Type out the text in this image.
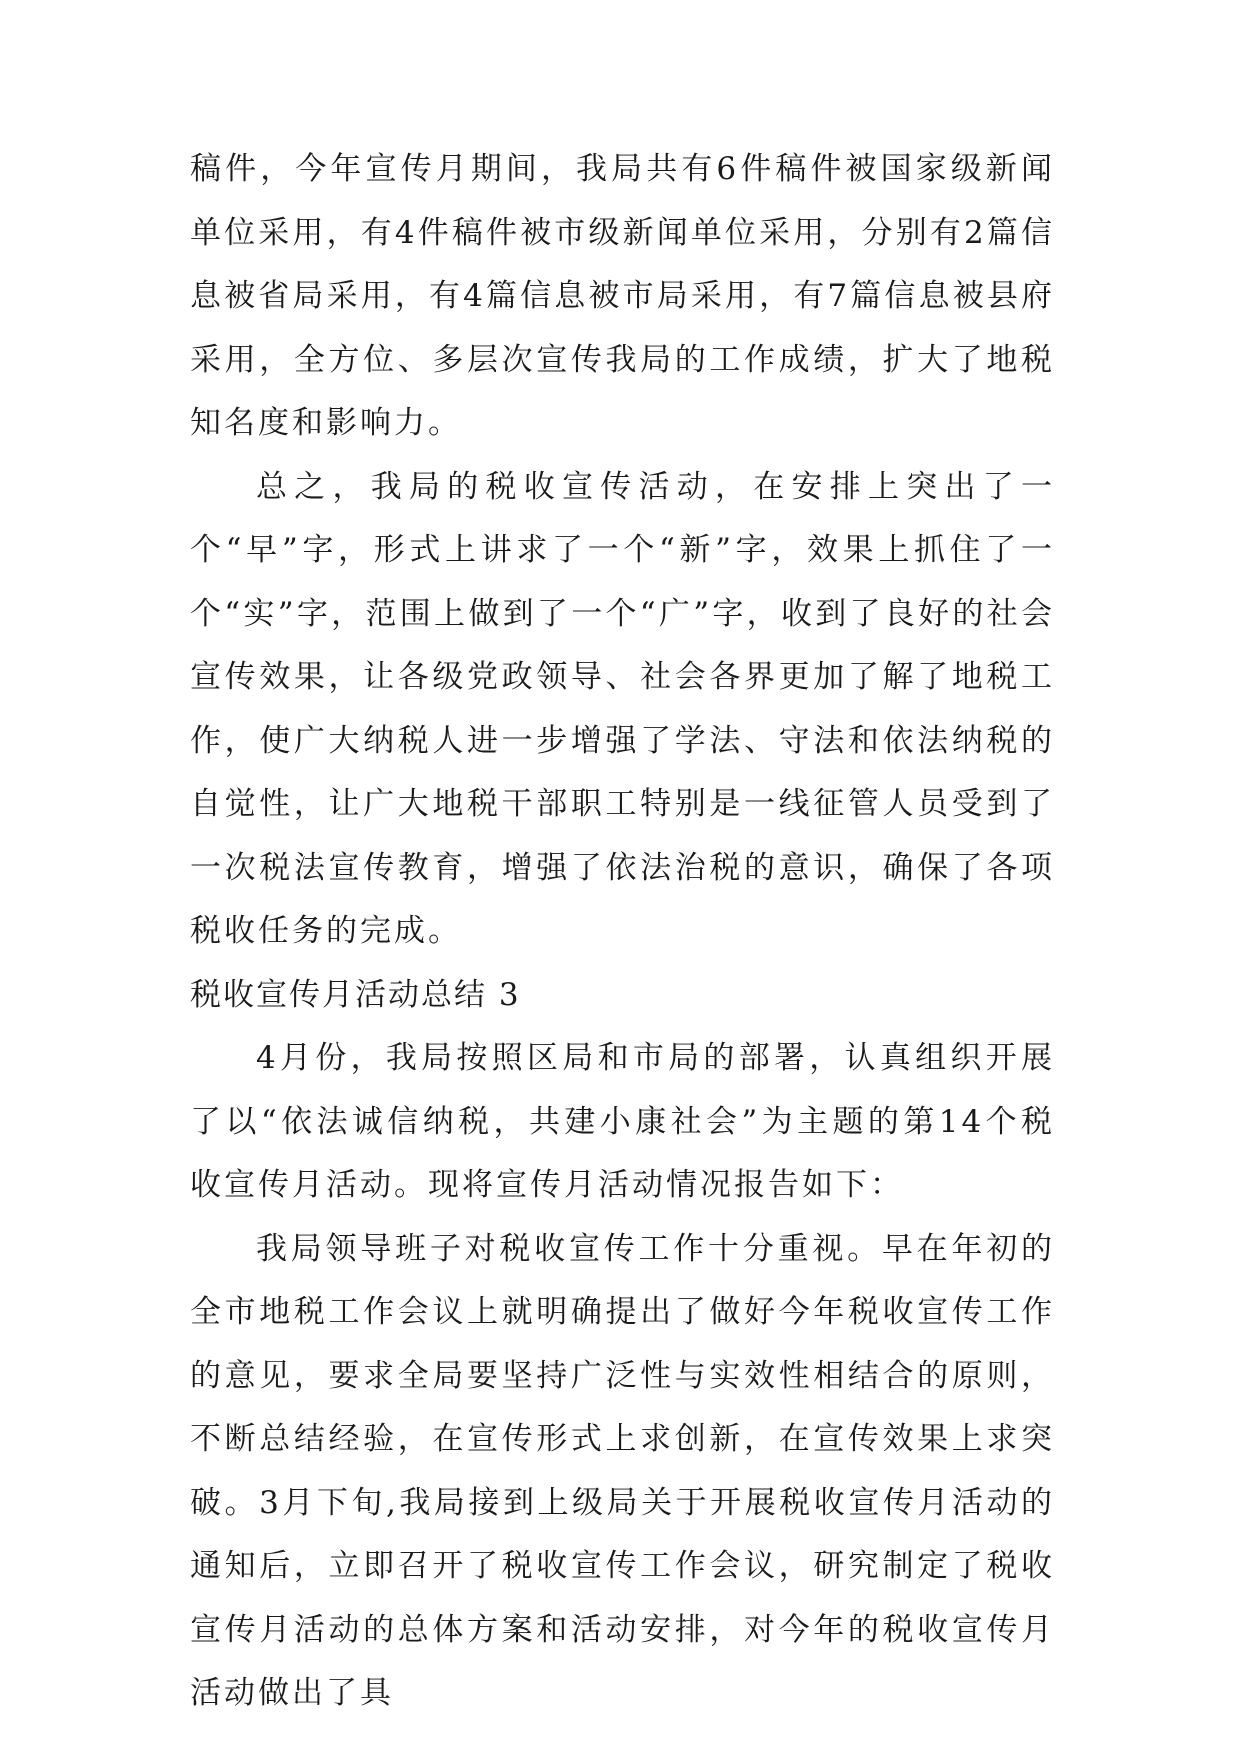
稿件，今年宣传月期间，我局共有6件稿件被国家级新闻单位采用，有4件稿件被市级新闻单位采用，分别有2篇信息被省局采用，有4篇信息被市局采用，有7篇信息被县府采用，全方位、多层次宣传我局的工作成绩，扩大了地税知名度和影响力。

总之，我局的税收宣传活动，在安排上突出了一个“早”字，形式上讲求了一个“新”字，效果上抓住了一个“实”字，范围上做到了一个“广”字，收到了良好的社会宣传效果，让各级党政领导、社会各界更加了解了地税工作，使广大纳税人进一步增强了学法、守法和依法纳税的自觉性，让广大地税干部职工特别是一线征管人员受到了一次税法宣传教育，增强了依法治税的意识，确保了各项税收任务的完成。

税收宣传月活动总结 3

4月份，我局按照区局和市局的部署，认真组织开展了以“依法诚信纳税，共建小康社会”为主题的第14个税收宣传月活动。现将宣传月活动情况报告如下：

我局领导班子对税收宣传工作十分重视。早在年初的全市地税工作会议上就明确提出了做好今年税收宣传工作的意见，要求全局要坚持广泛性与实效性相结合的原则，不断总结经验，在宣传形式上求创新，在宣传效果上求突破。3月下旬,我局接到上级局关于开展税收宣传月活动的通知后，立即召开了税收宣传工作会议，研究制定了税收宣传月活动的总体方案和活动安排，对今年的税收宣传月活动做出了具
